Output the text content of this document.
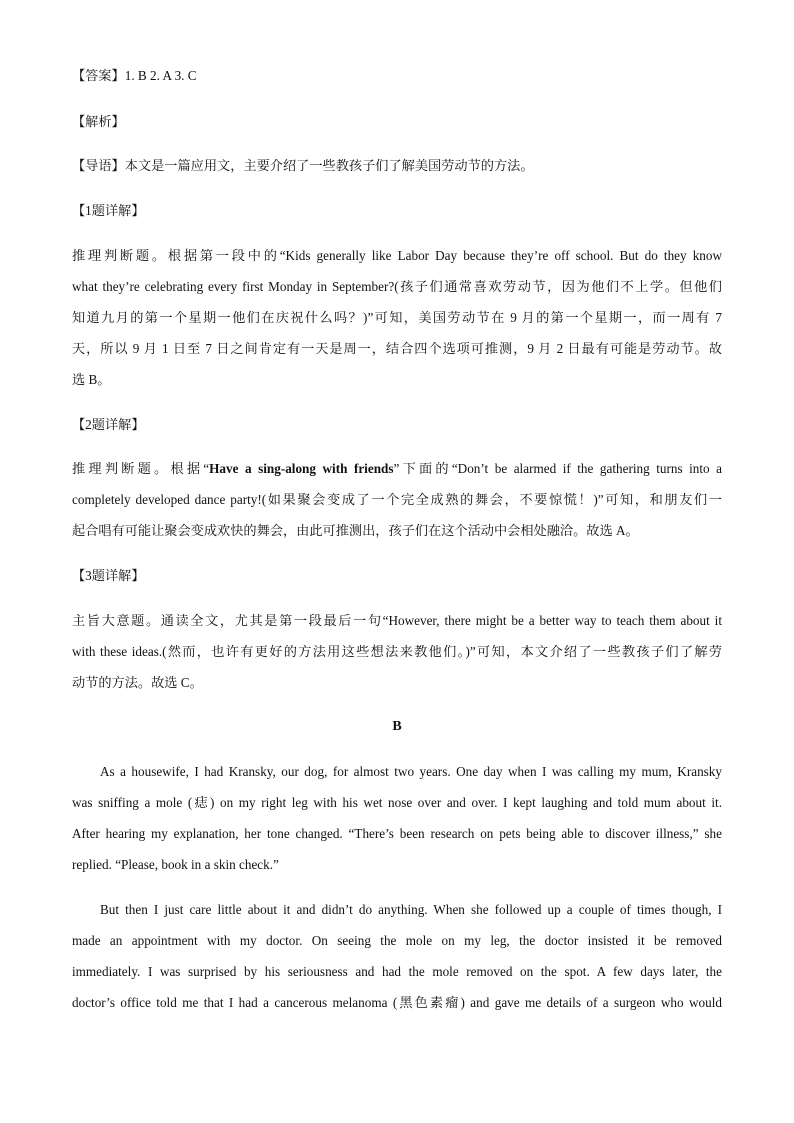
【答案】1. B 2. A 3. C
【解析】
【导语】本文是一篇应用文，主要介绍了一些教孩子们了解美国劳动节的方法。
【1题详解】
推理判断题。根据第一段中的“Kids generally like Labor Day because they’re off school. But do they know
what they’re celebrating every first Monday in September?(孩子们通常喜欢劳动节，因为他们不上学。但他们
知道九月的第一个星期一他们在庆祝什么吗？)”可知，美国劳动节在 9 月的第一个星期一，而一周有 7
天，所以 9 月 1 日至 7 日之间肯定有一天是周一，结合四个选项可推测，9 月 2 日最有可能是劳动节。故
选 B。
【2题详解】
推理判断题。根据“Have a sing-along with friends”下面的“Don’t be alarmed if the gathering turns into a
completely developed dance party!(如果聚会变成了一个完全成熟的舞会，不要惊慌！)”可知，和朋友们一
起合唱有可能让聚会变成欢快的舞会，由此可推测出，孩子们在这个活动中会相处融洽。故选 A。
【3题详解】
主旨大意题。通读全文，尤其是第一段最后一句“However, there might be a better way to teach them about it
with these ideas.(然而，也许有更好的方法用这些想法来教他们。)”可知，本文介绍了一些教孩子们了解劳
动节的方法。故选 C。
B
As a housewife, I had Kransky, our dog, for almost two years. One day when I was calling my mum, Kransky
was sniffing a mole (痣) on my right leg with his wet nose over and over. I kept laughing and told mum about it.
After hearing my explanation, her tone changed. “There’s been research on pets being able to discover illness,” she
replied. “Please, book in a skin check.”
But then I just care little about it and didn’t do anything. When she followed up a couple of times though, I
made an appointment with my doctor. On seeing the mole on my leg, the doctor insisted it be removed
immediately. I was surprised by his seriousness and had the mole removed on the spot. A few days later, the
doctor’s office told me that I had a cancerous melanoma (黑色素瘤) and gave me details of a surgeon who would
